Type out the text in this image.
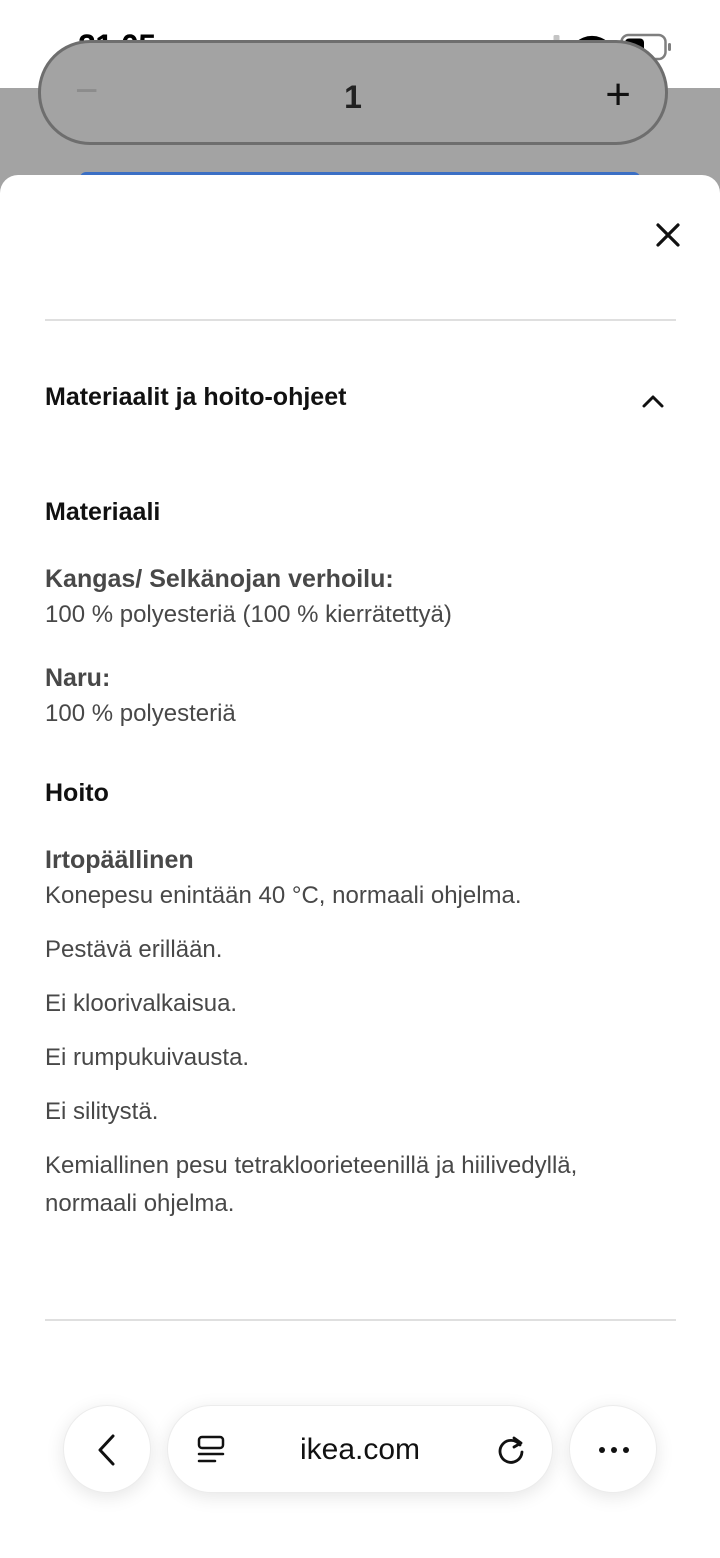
−	1	+
Materiaalit ja hoito-ohjeet
Materiaali
Kangas/ Selkänojan verhoilu:
100 % polyesteriä (100 % kierrätettyä)
Naru:
100 % polyesteriä
Hoito
Irtopäällinen
Konepesu enintään 40 °C, normaali ohjelma.
Pestävä erillään.
Ei kloorivalkaisua.
Ei rumpukuivausta.
Ei silitystä.
Kemiallinen pesu tetrakloorieteenillä ja hiilivedyllä, normaali ohjelma.
ikea.com
